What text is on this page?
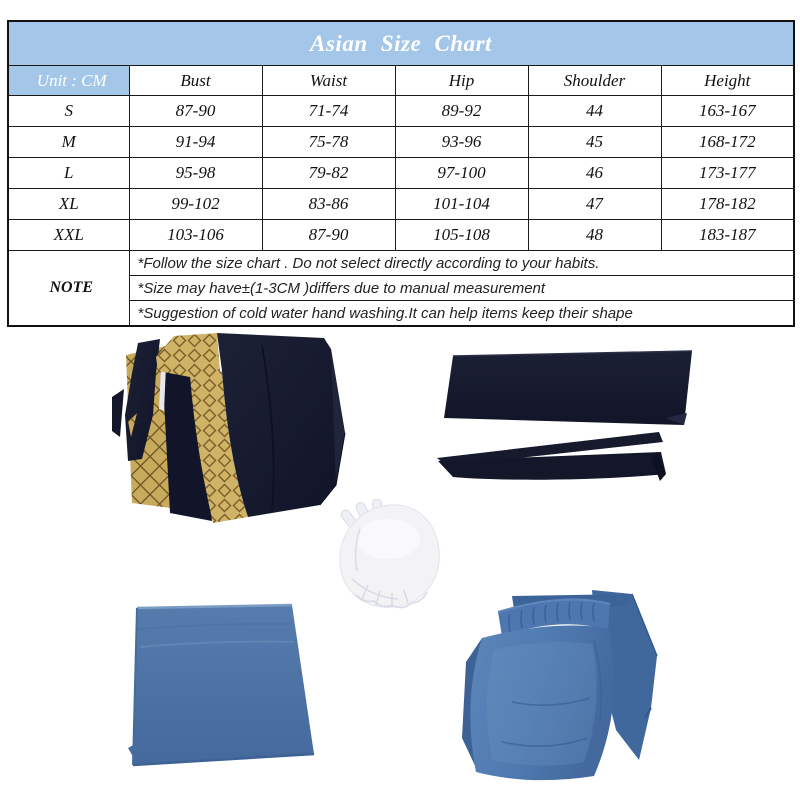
Asian Size Chart					
Unit : CM	Bust	Waist	Hip	Shoulder	Height
S	87-90	71-74	89-92	44	163-167
M	91-94	75-78	93-96	45	168-172
L	95-98	79-82	97-100	46	173-177
XL	99-102	83-86	101-104	47	178-182
XXL	103-106	87-90	105-108	48	183-187
NOTE	*Follow the size chart . Do not select directly according to your habits.				
	*Size may have±(1-3CM )differs due to manual measurement				
	*Suggestion of cold water hand washing.It can help items keep their shape				
